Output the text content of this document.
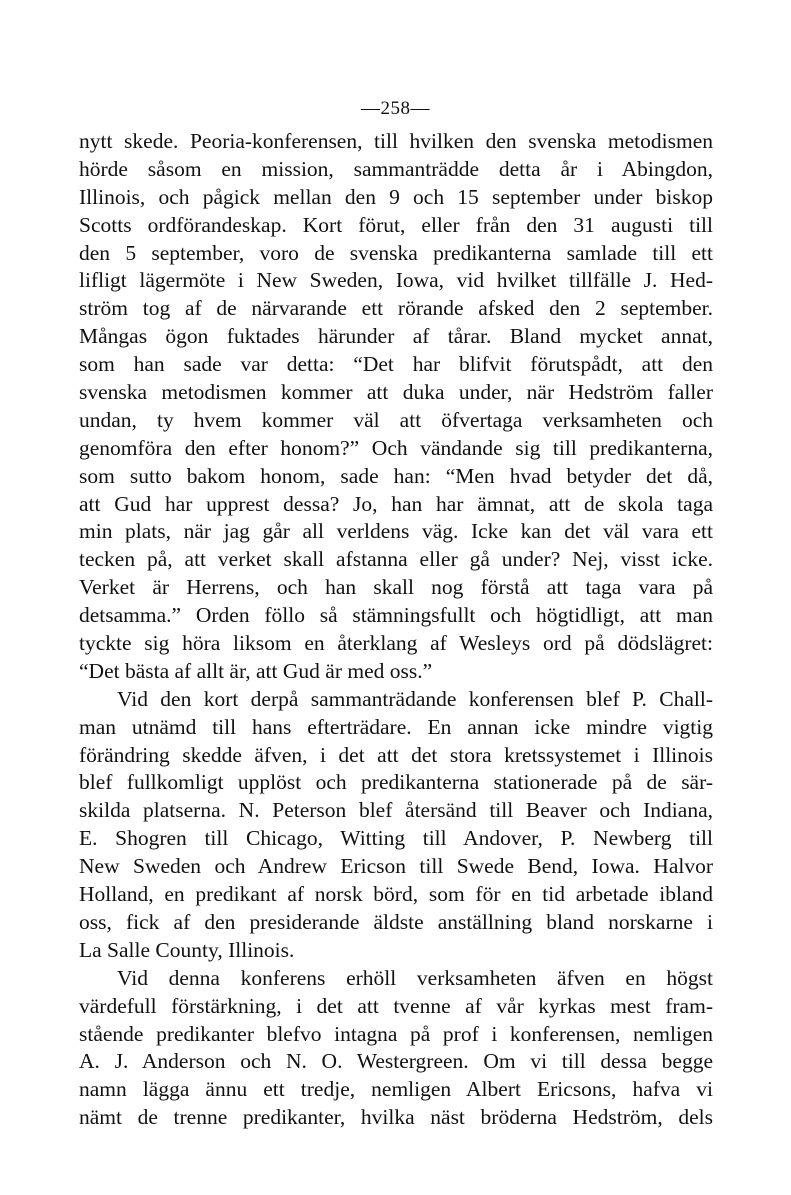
—258—
nytt skede. Peoria-konferensen, till hvilken den svenska metodismen
hörde såsom en mission, sammanträdde detta år i Abingdon,
Illinois, och pågick mellan den 9 och 15 september under biskop
Scotts ordförandeskap. Kort förut, eller från den 31 augusti till
den 5 september, voro de svenska predikanterna samlade till ett
lifligt lägermöte i New Sweden, Iowa, vid hvilket tillfälle J. Hed-
ström tog af de närvarande ett rörande afsked den 2 september.
Mångas ögon fuktades härunder af tårar. Bland mycket annat,
som han sade var detta: “Det har blifvit förutspådt, att den
svenska metodismen kommer att duka under, när Hedström faller
undan, ty hvem kommer väl att öfvertaga verksamheten och
genomföra den efter honom?” Och vändande sig till predikanterna,
som sutto bakom honom, sade han: “Men hvad betyder det då,
att Gud har upprest dessa? Jo, han har ämnat, att de skola taga
min plats, när jag går all verldens väg. Icke kan det väl vara ett
tecken på, att verket skall afstanna eller gå under? Nej, visst icke.
Verket är Herrens, och han skall nog förstå att taga vara på
detsamma.” Orden föllo så stämningsfullt och högtidligt, att man
tyckte sig höra liksom en återklang af Wesleys ord på dödslägret:
“Det bästa af allt är, att Gud är med oss.”
Vid den kort derpå sammanträdande konferensen blef P. Chall-
man utnämd till hans efterträdare. En annan icke mindre vigtig
förändring skedde äfven, i det att det stora kretssystemet i Illinois
blef fullkomligt upplöst och predikanterna stationerade på de sär-
skilda platserna. N. Peterson blef återsänd till Beaver och Indiana,
E. Shogren till Chicago, Witting till Andover, P. Newberg till
New Sweden och Andrew Ericson till Swede Bend, Iowa. Halvor
Holland, en predikant af norsk börd, som för en tid arbetade ibland
oss, fick af den presiderande äldste anställning bland norskarne i
La Salle County, Illinois.
Vid denna konferens erhöll verksamheten äfven en högst
värdefull förstärkning, i det att tvenne af vår kyrkas mest fram-
stående predikanter blefvo intagna på prof i konferensen, nemligen
A. J. Anderson och N. O. Westergreen. Om vi till dessa begge
namn lägga ännu ett tredje, nemligen Albert Ericsons, hafva vi
nämt de trenne predikanter, hvilka näst bröderna Hedström, dels
